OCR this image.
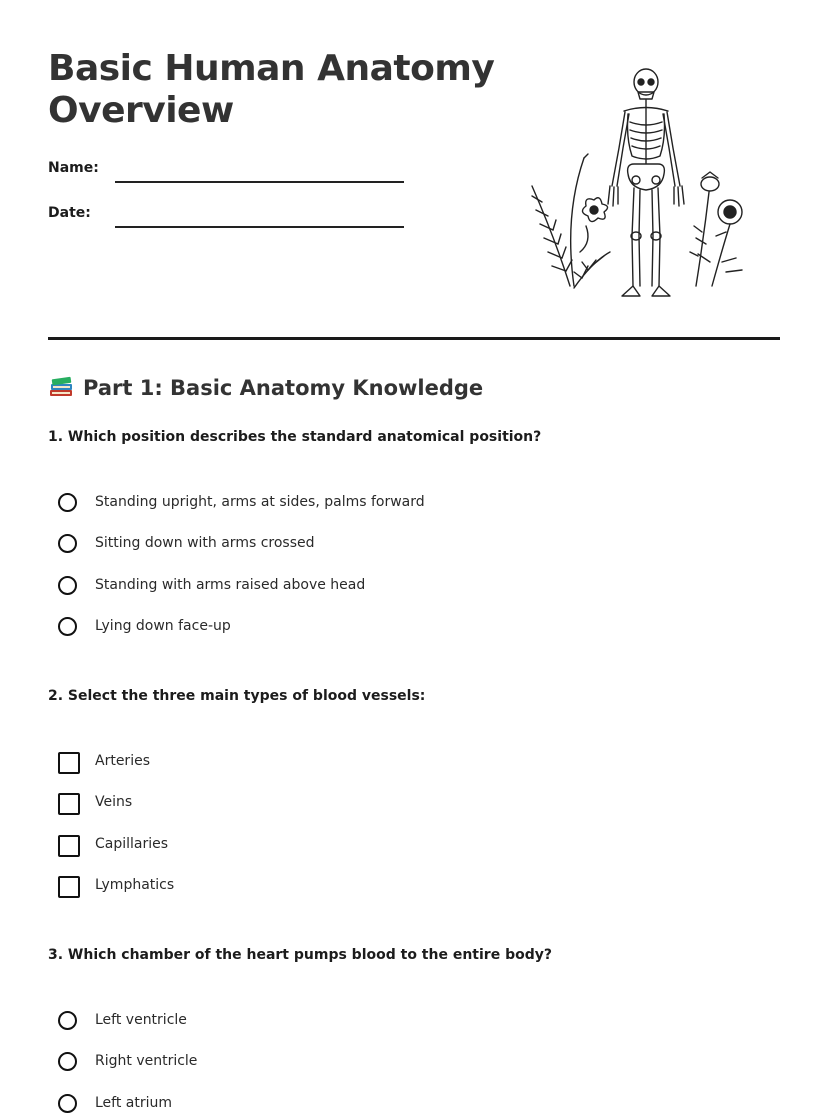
Basic Human Anatomy
Overview
Name:
Date:
Part 1: Basic Anatomy Knowledge
1. Which position describes the standard anatomical position?
Standing upright, arms at sides, palms forward
Sitting down with arms crossed
Standing with arms raised above head
Lying down face-up
2. Select the three main types of blood vessels:
Arteries
Veins
Capillaries
Lymphatics
3. Which chamber of the heart pumps blood to the entire body?
Left ventricle
Right ventricle
Left atrium
